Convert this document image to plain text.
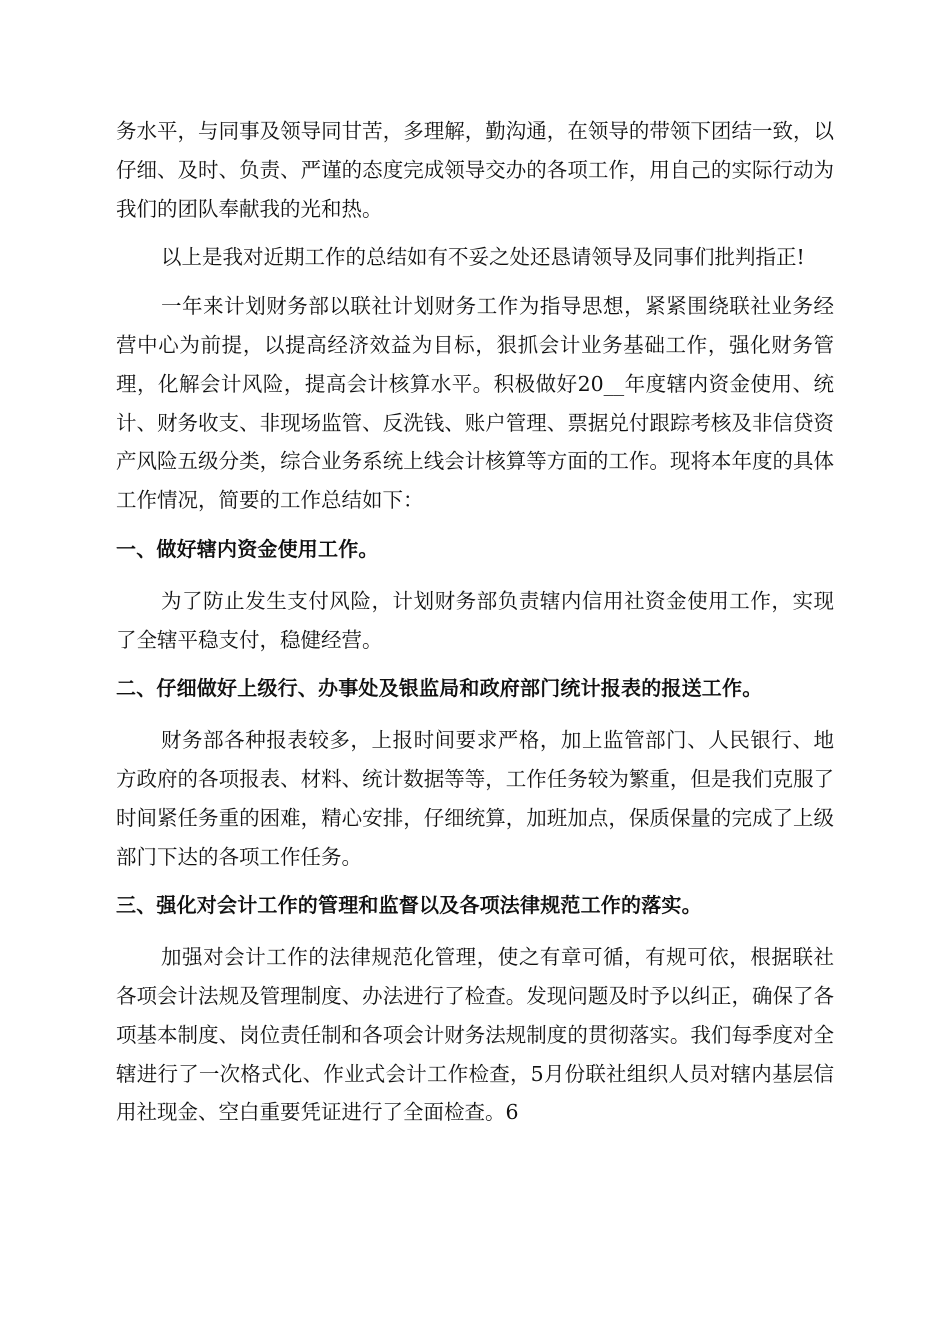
务水平，与同事及领导同甘苦，多理解，勤沟通，在领导的带领下团结一致，以仔细、及时、负责、严谨的态度完成领导交办的各项工作，用自己的实际行动为我们的团队奉献我的光和热。

以上是我对近期工作的总结如有不妥之处还恳请领导及同事们批判指正!

一年来计划财务部以联社计划财务工作为指导思想，紧紧围绕联社业务经营中心为前提，以提高经济效益为目标，狠抓会计业务基础工作，强化财务管理，化解会计风险，提高会计核算水平。积极做好20__年度辖内资金使用、统计、财务收支、非现场监管、反洗钱、账户管理、票据兑付跟踪考核及非信贷资产风险五级分类，综合业务系统上线会计核算等方面的工作。现将本年度的具体工作情况，简要的工作总结如下：

一、做好辖内资金使用工作。

为了防止发生支付风险，计划财务部负责辖内信用社资金使用工作，实现了全辖平稳支付，稳健经营。

二、仔细做好上级行、办事处及银监局和政府部门统计报表的报送工作。

财务部各种报表较多，上报时间要求严格，加上监管部门、人民银行、地方政府的各项报表、材料、统计数据等等，工作任务较为繁重，但是我们克服了时间紧任务重的困难，精心安排，仔细统算，加班加点，保质保量的完成了上级部门下达的各项工作任务。

三、强化对会计工作的管理和监督以及各项法律规范工作的落实。

加强对会计工作的法律规范化管理，使之有章可循，有规可依，根据联社各项会计法规及管理制度、办法进行了检查。发现问题及时予以纠正，确保了各项基本制度、岗位责任制和各项会计财务法规制度的贯彻落实。我们每季度对全辖进行了一次格式化、作业式会计工作检查，5月份联社组织人员对辖内基层信用社现金、空白重要凭证进行了全面检查。6
